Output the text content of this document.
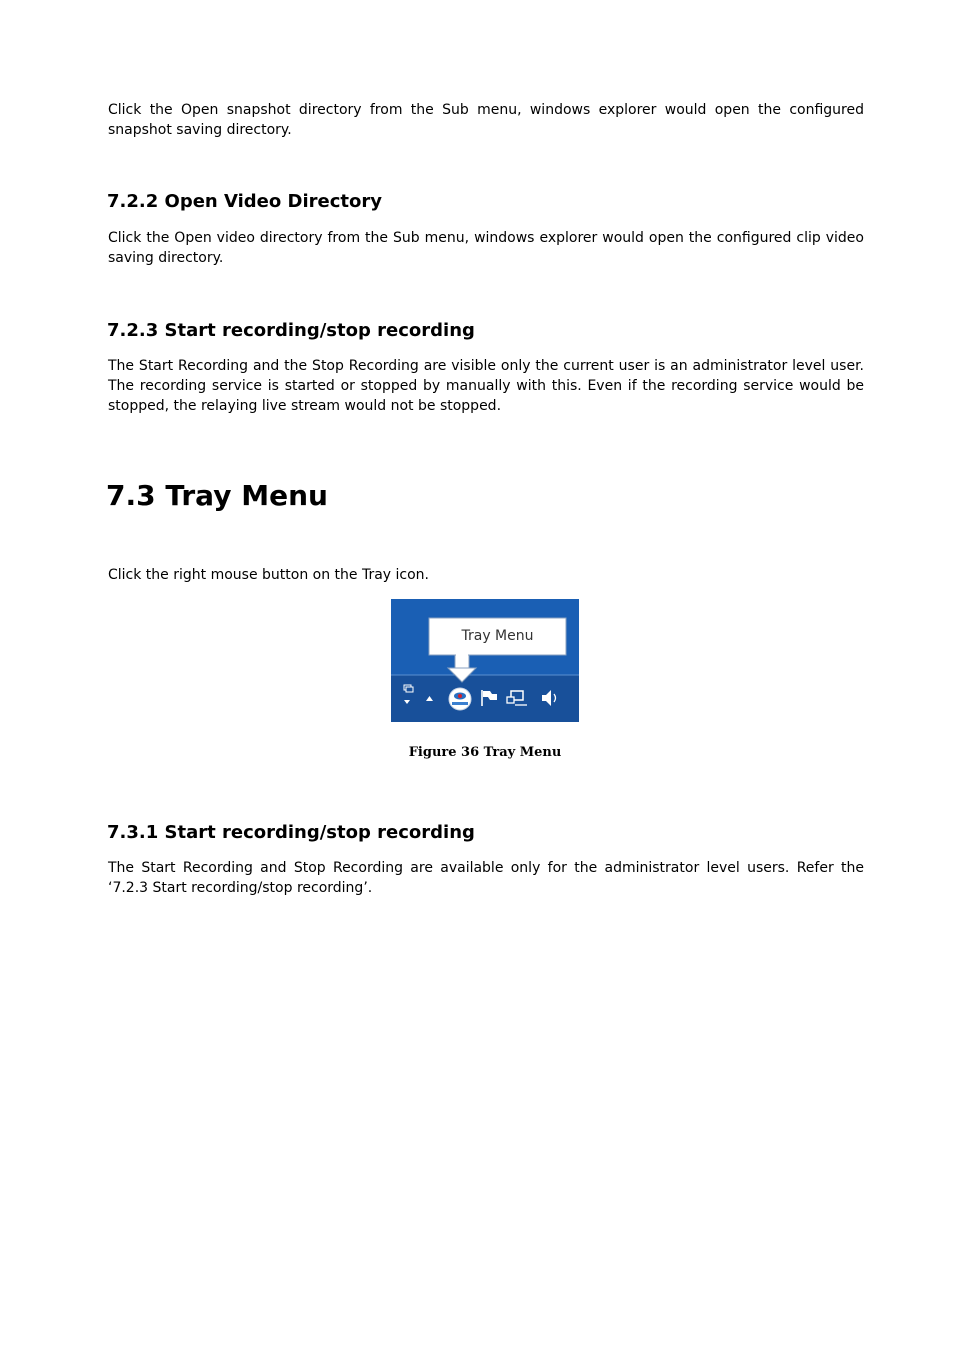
Click the Open snapshot directory from the Sub menu, windows explorer would open the configured snapshot saving directory.

7.2.2 Open Video Directory

Click the Open video directory from the Sub menu, windows explorer would open the configured clip video saving directory.

7.2.3 Start recording/stop recording

The Start Recording and the Stop Recording are visible only the current user is an administrator level user. The recording service is started or stopped by manually with this. Even if the recording service would be stopped, the relaying live stream would not be stopped.

7.3 Tray Menu

Click the right mouse button on the Tray icon.

Tray Menu
Figure 36 Tray Menu
7.3.1 Start recording/stop recording

The Start Recording and Stop Recording are available only for the administrator level users. Refer the ‘7.2.3 Start recording/stop recording’.
